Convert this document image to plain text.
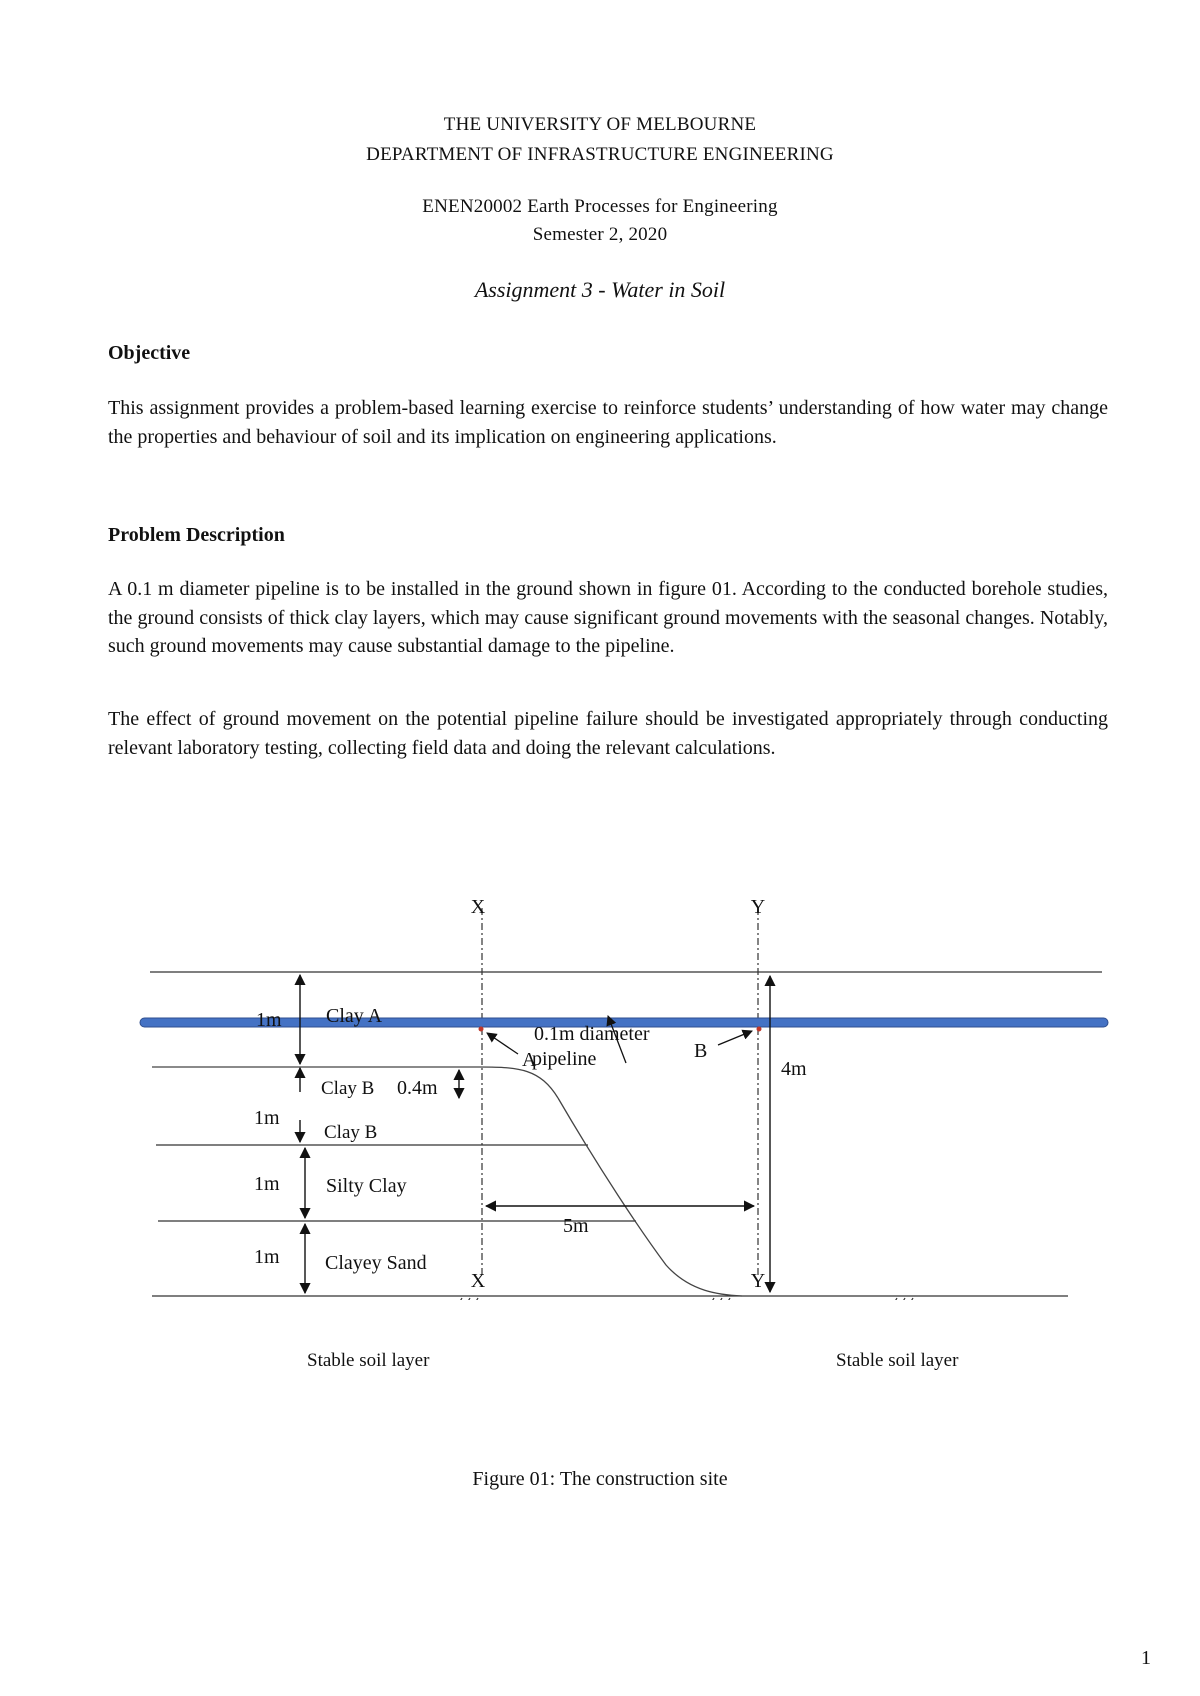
THE UNIVERSITY OF MELBOURNE
DEPARTMENT OF INFRASTRUCTURE ENGINEERING
ENEN20002 Earth Processes for Engineering
Semester 2, 2020
Assignment 3 - Water in Soil
Objective

This assignment provides a problem-based learning exercise to reinforce students’ understanding of how water may change the properties and behaviour of soil and its implication on engineering applications.

Problem Description

A 0.1 m diameter pipeline is to be installed in the ground shown in figure 01. According to the conducted borehole studies, the ground consists of thick clay layers, which may cause significant ground movements with the seasonal changes. Notably, such ground movements may cause substantial damage to the pipeline.

The effect of ground movement on the potential pipeline failure should be investigated appropriately through conducting relevant laboratory testing, collecting field data and doing the relevant calculations.

X	Y
X	Y
1m
0.4m
1m
1m
1m
4m
5m
Clay A
Clay B
Clay B
Silty Clay
Clayey Sand
0.1m diameter
pipeline
A	B
Stable soil layer	Stable soil layer
Figure 01: The construction site
1
